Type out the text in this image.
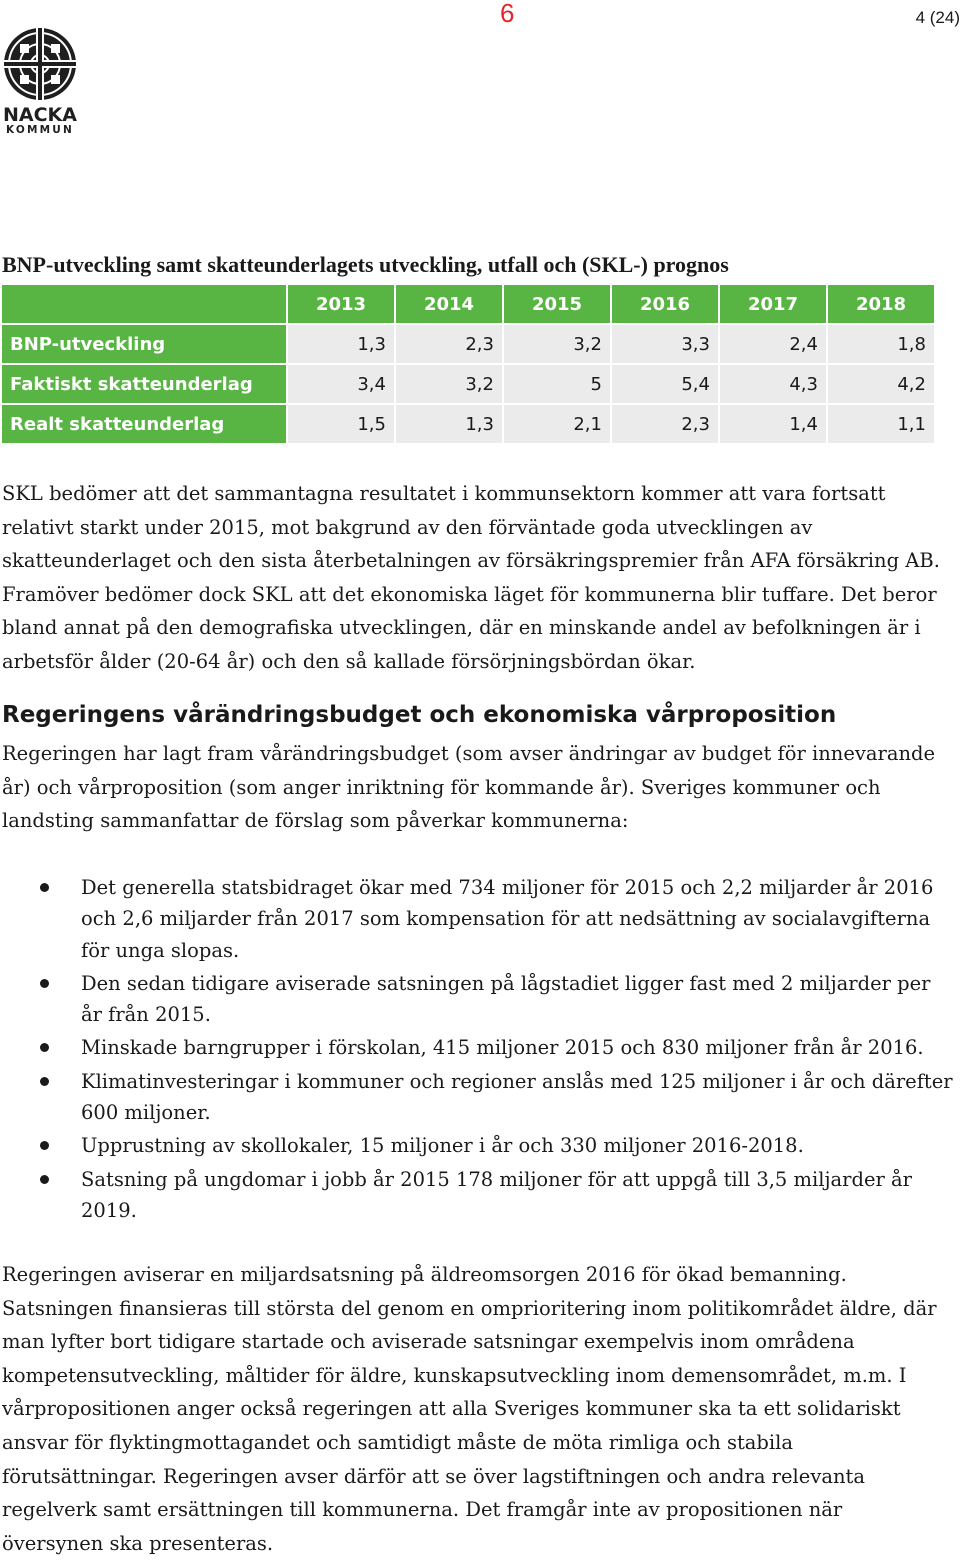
6	4 (24)
NACKA
KOMMUN
BNP-utveckling samt skatteunderlagets utveckling, utfall och (SKL-) prognos
	2013	2014	2015	2016	2017	2018
BNP-utveckling	1,3	2,3	3,2	3,3	2,4	1,8
Faktiskt skatteunderlag	3,4	3,2	5	5,4	4,3	4,2
Realt skatteunderlag	1,5	1,3	2,1	2,3	1,4	1,1

SKL bedömer att det sammantagna resultatet i kommunsektorn kommer att vara fortsatt relativt starkt under 2015, mot bakgrund av den förväntade goda utvecklingen av skatteunderlaget och den sista återbetalningen av försäkringspremier från AFA försäkring AB. Framöver bedömer dock SKL att det ekonomiska läget för kommunerna blir tuffare. Det beror bland annat på den demografiska utvecklingen, där en minskande andel av befolkningen är i arbetsför ålder (20-64 år) och den så kallade försörjningsbördan ökar.

Regeringens vårändringsbudget och ekonomiska vårproposition

Regeringen har lagt fram vårändringsbudget (som avser ändringar av budget för innevarande år) och vårproposition (som anger inriktning för kommande år). Sveriges kommuner och landsting sammanfattar de förslag som påverkar kommunerna:

Det generella statsbidraget ökar med 734 miljoner för 2015 och 2,2 miljarder år 2016 och 2,6 miljarder från 2017 som kompensation för att nedsättning av socialavgifterna för unga slopas.
Den sedan tidigare aviserade satsningen på lågstadiet ligger fast med 2 miljarder per år från 2015.
Minskade barngrupper i förskolan, 415 miljoner 2015 och 830 miljoner från år 2016.
Klimatinvesteringar i kommuner och regioner anslås med 125 miljoner i år och därefter 600 miljoner.
Upprustning av skollokaler, 15 miljoner i år och 330 miljoner 2016-2018.
Satsning på ungdomar i jobb år 2015 178 miljoner för att uppgå till 3,5 miljarder år 2019.

Regeringen aviserar en miljardsatsning på äldreomsorgen 2016 för ökad bemanning. Satsningen finansieras till största del genom en omprioritering inom politikområdet äldre, där man lyfter bort tidigare startade och aviserade satsningar exempelvis inom områdena kompetensutveckling, måltider för äldre, kunskapsutveckling inom demensområdet, m.m. I vårpropositionen anger också regeringen att alla Sveriges kommuner ska ta ett solidariskt ansvar för flyktingmottagandet och samtidigt måste de möta rimliga och stabila förutsättningar. Regeringen avser därför att se över lagstiftningen och andra relevanta regelverk samt ersättningen till kommunerna. Det framgår inte av propositionen när översynen ska presenteras.
